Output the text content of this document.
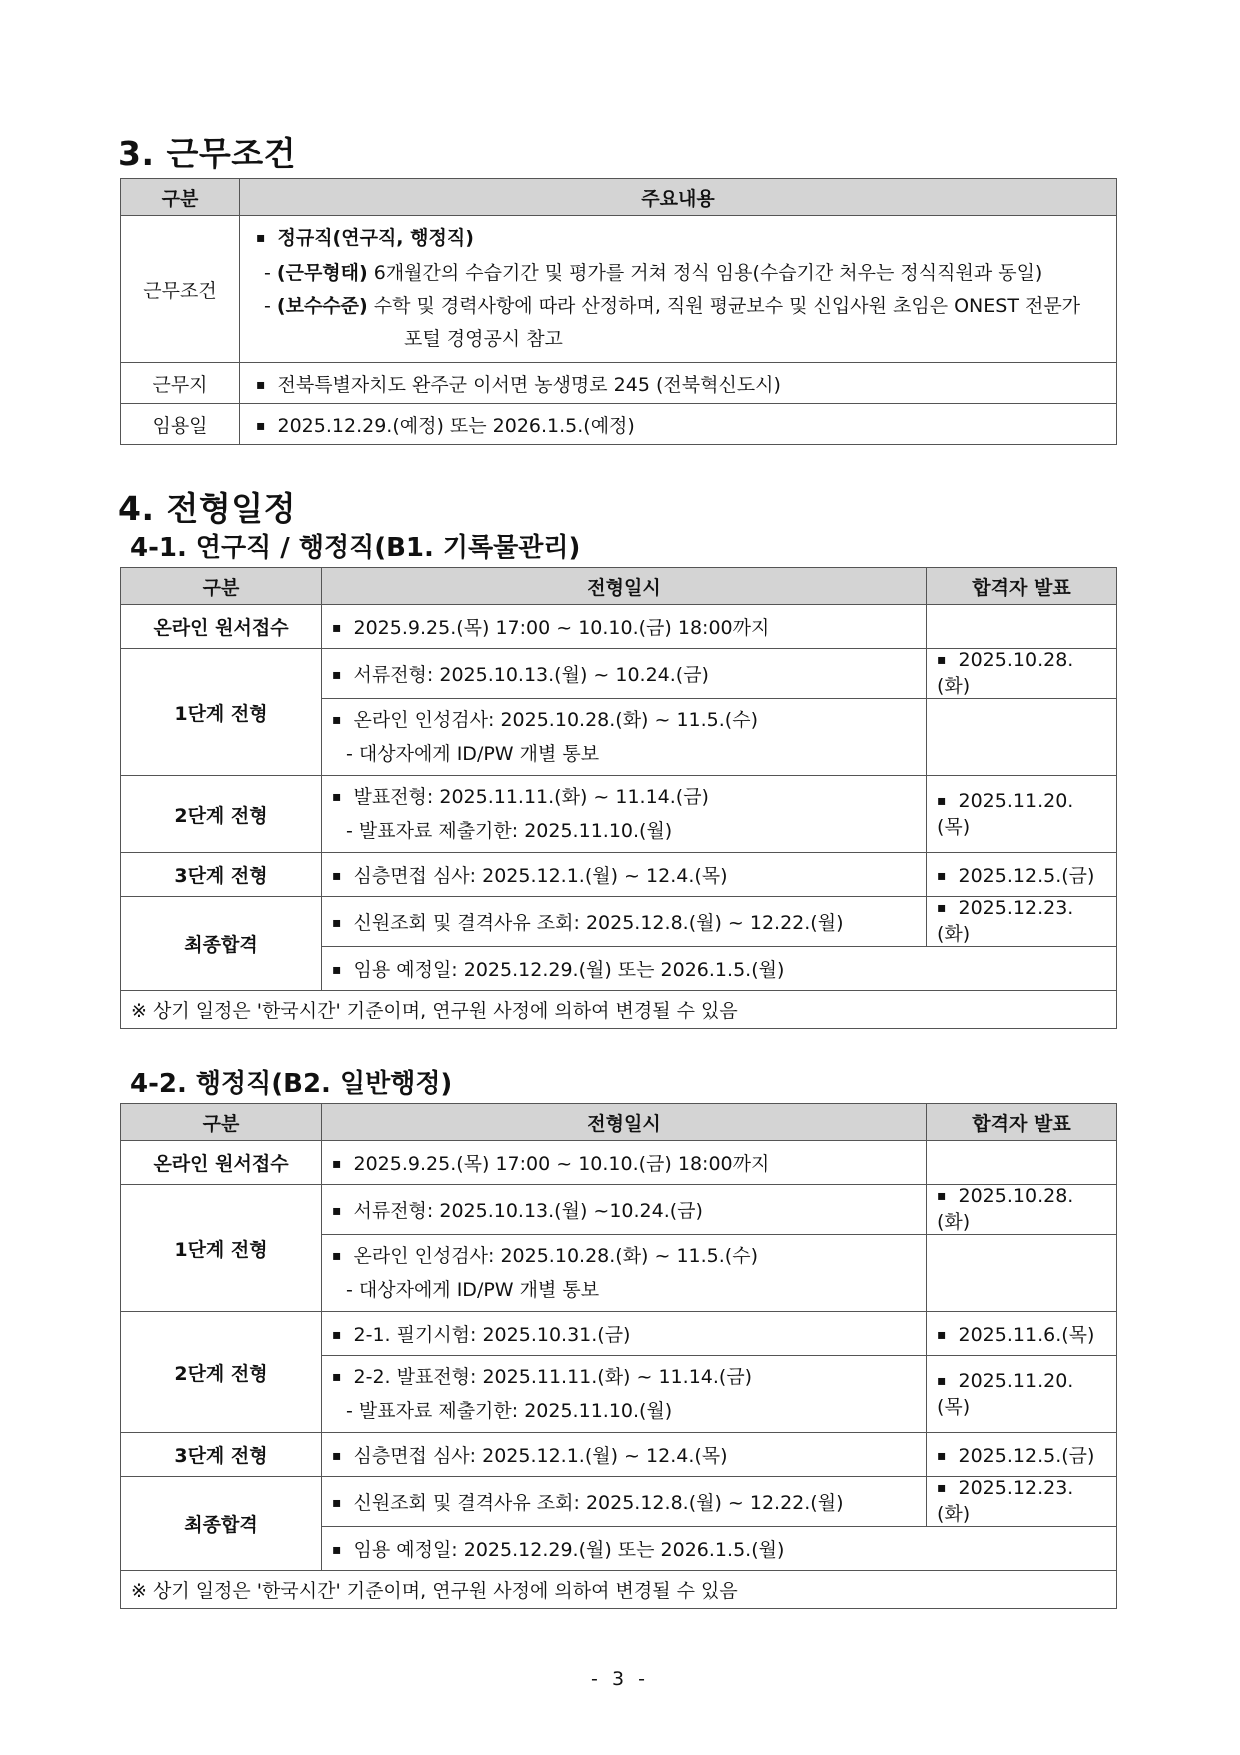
3. 근무조건
구분	주요내용
근무조건	▪ 정규직(연구직, 행정직)
- (근무형태) 6개월간의 수습기간 및 평가를 거쳐 정식 임용(수습기간 처우는 정식직원과 동일)
- (보수수준) 수학 및 경력사항에 따라 산정하며, 직원 평균보수 및 신입사원 초임은 ONEST 전문가
포털 경영공시 참고

근무지	▪ 전북특별자치도 완주군 이서면 농생명로 245 (전북혁신도시)
임용일	▪ 2025.12.29.(예정) 또는 2026.1.5.(예정)
4. 전형일정
4-1. 연구직 / 행정직(B1. 기록물관리)
구분	전형일시	합격자 발표
온라인 원서접수	▪ 2025.9.25.(목) 17:00 ~ 10.10.(금) 18:00까지	
1단계 전형	▪ 서류전형: 2025.10.13.(월) ~ 10.24.(금)	▪ 2025.10.28.(화)

	▪ 온라인 인성검사: 2025.10.28.(화) ~ 11.5.(수)
- 대상자에게 ID/PW 개별 통보

2단계 전형	▪ 발표전형: 2025.11.11.(화) ~ 11.14.(금)
- 발표자료 제출기한: 2025.11.10.(월)	▪ 2025.11.20.(목)
3단계 전형	▪ 심층면접 심사: 2025.12.1.(월) ~ 12.4.(목)	▪ 2025.12.5.(금)
최종합격	▪ 신원조회 및 결격사유 조회: 2025.12.8.(월) ~ 12.22.(월)	▪ 2025.12.23.(화)
	▪ 임용 예정일: 2025.12.29.(월) 또는 2026.1.5.(월)
※ 상기 일정은 '한국시간' 기준이며, 연구원 사정에 의하여 변경될 수 있음		
4-2. 행정직(B2. 일반행정)
구분	전형일시	합격자 발표
온라인 원서접수	▪ 2025.9.25.(목) 17:00 ~ 10.10.(금) 18:00까지	
1단계 전형	▪ 서류전형: 2025.10.13.(월) ~10.24.(금)	▪ 2025.10.28.(화)

	▪ 온라인 인성검사: 2025.10.28.(화) ~ 11.5.(수)
- 대상자에게 ID/PW 개별 통보

2단계 전형	▪ 2-1. 필기시험: 2025.10.31.(금)	▪ 2025.11.6.(목)

	▪ 2-2. 발표전형: 2025.11.11.(화) ~ 11.14.(금)
- 발표자료 제출기한: 2025.11.10.(월)	▪ 2025.11.20.(목)
3단계 전형	▪ 심층면접 심사: 2025.12.1.(월) ~ 12.4.(목)	▪ 2025.12.5.(금)
최종합격	▪ 신원조회 및 결격사유 조회: 2025.12.8.(월) ~ 12.22.(월)	▪ 2025.12.23.(화)
	▪ 임용 예정일: 2025.12.29.(월) 또는 2026.1.5.(월)
※ 상기 일정은 '한국시간' 기준이며, 연구원 사정에 의하여 변경될 수 있음		
- 3 -
